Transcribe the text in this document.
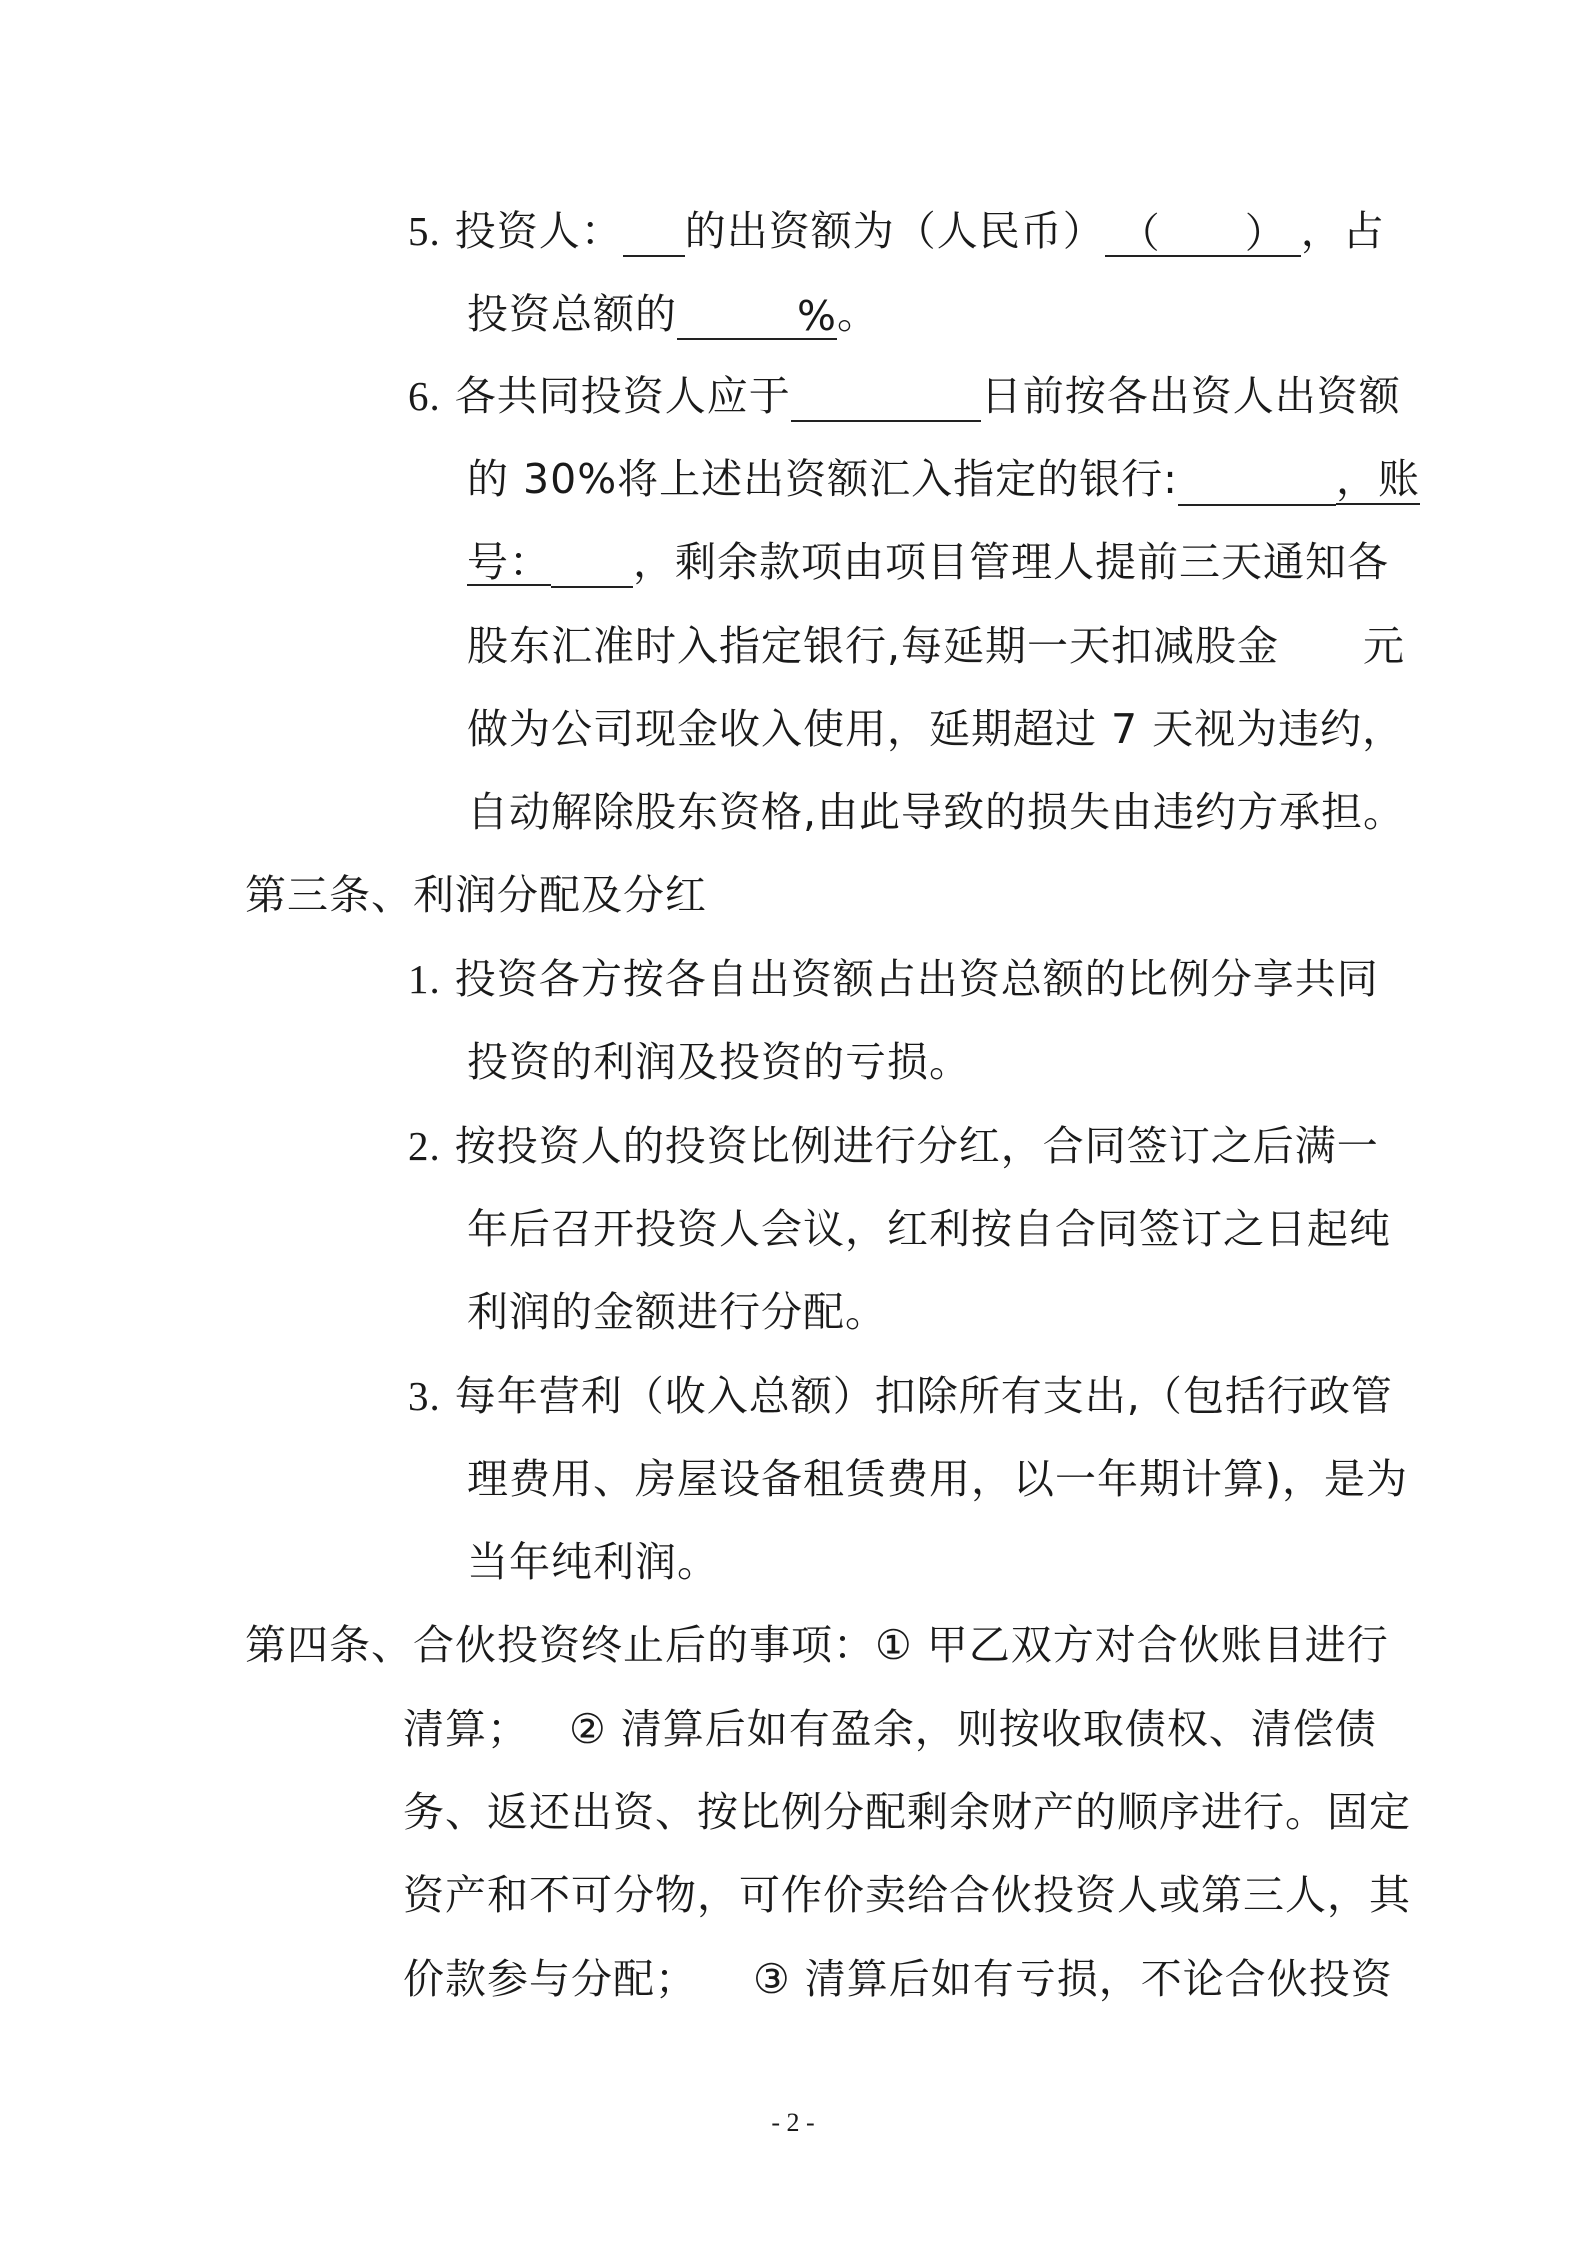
5. 投资人： 的出资额为（人民币） （　　） ，占
投资总额的	%。
6. 各共同投资人应于	日前按各出资人出资额
的 30%将上述出资额汇入指定的银行:	，账
号： ，剩余款项由项目管理人提前三天通知各
股东汇准时入指定银行,每延期一天扣减股金　　元
做为公司现金收入使用，延期超过 7 天视为违约，
自动解除股东资格,由此导致的损失由违约方承担。
第三条、利润分配及分红
1. 投资各方按各自出资额占出资总额的比例分享共同
投资的利润及投资的亏损。
2. 按投资人的投资比例进行分红，合同签订之后满一
年后召开投资人会议，红利按自合同签订之日起纯
利润的金额进行分配。
3. 每年营利（收入总额）扣除所有支出,（包括行政管
理费用、房屋设备租赁费用，以一年期计算)，是为
当年纯利润。
第四条、合伙投资终止后的事项：① 甲乙双方对合伙账目进行
清算； ② 清算后如有盈余，则按收取债权、清偿债
务、返还出资、按比例分配剩余财产的顺序进行。固定
资产和不可分物，可作价卖给合伙投资人或第三人，其
价款参与分配； ③ 清算后如有亏损，不论合伙投资
- 2 -
